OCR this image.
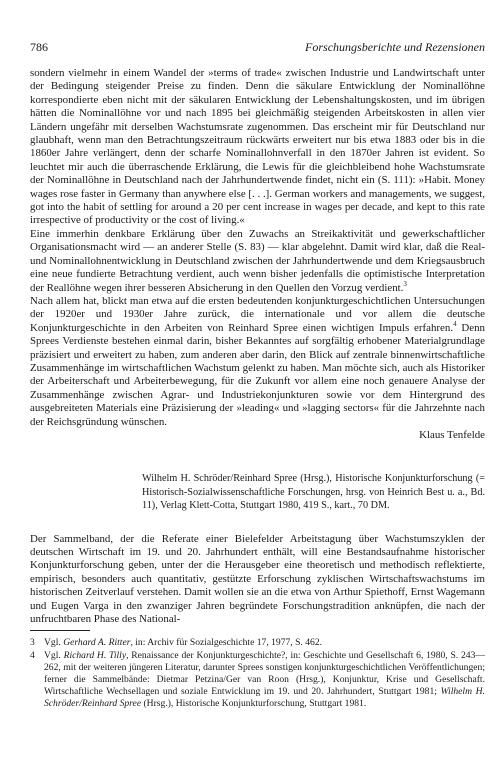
786	Forschungsberichte und Rezensionen

sondern vielmehr in einem Wandel der »terms of trade« zwischen Industrie und Landwirtschaft unter der Bedingung steigender Preise zu finden. Denn die säkulare Entwicklung der Nominallöhne korrespondierte eben nicht mit der säkularen Entwicklung der Lebenshaltungskosten, und im übrigen hätten die Nominallöhne vor und nach 1895 bei gleichmäßig steigenden Arbeitskosten in allen vier Ländern ungefähr mit derselben Wachstumsrate zugenommen. Das erscheint mir für Deutschland nur glaubhaft, wenn man den Betrachtungszeitraum rückwärts erweitert nur bis etwa 1883 oder bis in die 1860er Jahre verlängert, denn der scharfe Nominallohnverfall in den 1870er Jahren ist evident. So leuchtet mir auch die überraschende Erklärung, die Lewis für die gleichbleibend hohe Wachstumsrate der Nominallöhne in Deutschland nach der Jahrhundertwende findet, nicht ein (S. 111): »Habit. Money wages rose faster in Germany than anywhere else [. . .]. German workers and managements, we suggest, got into the habit of settling for around a 20 per cent increase in wages per decade, and kept to this rate irrespective of productivity or the cost of living.«

Eine immerhin denkbare Erklärung über den Zuwachs an Streikaktivität und gewerkschaftlicher Organisationsmacht wird — an anderer Stelle (S. 83) — klar abgelehnt. Damit wird klar, daß die Real- und Nominallohnentwicklung in Deutschland zwischen der Jahrhundertwende und dem Kriegsausbruch eine neue fundierte Betrachtung verdient, auch wenn bisher jedenfalls die optimistische Interpretation der Reallöhne wegen ihrer besseren Absicherung in den Quellen den Vorzug verdient.$^3$

Nach allem hat, blickt man etwa auf die ersten bedeutenden konjunkturgeschichtlichen Untersuchungen der 1920er und 1930er Jahre zurück, die internationale und vor allem die deutsche Konjunkturgeschichte in den Arbeiten von Reinhard Spree einen wichtigen Impuls erfahren.$^4$ Denn Sprees Verdienste bestehen einmal darin, bisher Bekanntes auf sorgfältig erhobener Materialgrundlage präzisiert und erweitert zu haben, zum anderen aber darin, den Blick auf zentrale binnenwirtschaftliche Zusammenhänge im wirtschaftlichen Wachstum gelenkt zu haben. Man möchte sich, auch als Historiker der Arbeiterschaft und Arbeiterbewegung, für die Zukunft vor allem eine noch genauere Analyse der Zusammenhänge zwischen Agrar- und Industriekonjunkturen sowie vor dem Hintergrund des ausgebreiteten Materials eine Präzisierung der »leading« und »lagging sectors« für die Jahrzehnte nach der Reichsgründung wünschen.

Klaus Tenfelde
Wilhelm H. Schröder/Reinhard Spree (Hrsg.), Historische Konjunkturforschung (= Historisch-Sozialwissenschaftliche Forschungen, hrsg. von Heinrich Best u. a., Bd. 11), Verlag Klett-Cotta, Stuttgart 1980, 419 S., kart., 70 DM.

Der Sammelband, der die Referate einer Bielefelder Arbeitstagung über Wachstumszyklen der deutschen Wirtschaft im 19. und 20. Jahrhundert enthält, will eine Bestandsaufnahme historischer Konjunkturforschung geben, unter der die Herausgeber eine theoretisch und methodisch reflektierte, empirisch, besonders auch quantitativ, gestützte Erforschung zyklischen Wirtschaftswachstums im historischen Zeitverlauf verstehen. Damit wollen sie an die etwa von Arthur Spiethoff, Ernst Wagemann und Eugen Varga in den zwanziger Jahren begründete Forschungstradition anknüpfen, die nach der unfruchtbaren Phase des National-

3 Vgl. Gerhard A. Ritter, in: Archiv für Sozialgeschichte 17, 1977, S. 462.
4 Vgl. Richard H. Tilly, Renaissance der Konjunkturgeschichte?, in: Geschichte und Gesellschaft 6, 1980, S. 243—262, mit der weiteren jüngeren Literatur, darunter Sprees sonstigen konjunkturgeschichtlichen Veröffentlichungen; ferner die Sammelbände: Dietmar Petzina/Ger van Roon (Hrsg.), Konjunktur, Krise und Gesellschaft. Wirtschaftliche Wechsellagen und soziale Entwicklung im 19. und 20. Jahrhundert, Stuttgart 1981; Wilhelm H. Schröder/Reinhard Spree (Hrsg.), Historische Konjunkturforschung, Stuttgart 1981.
